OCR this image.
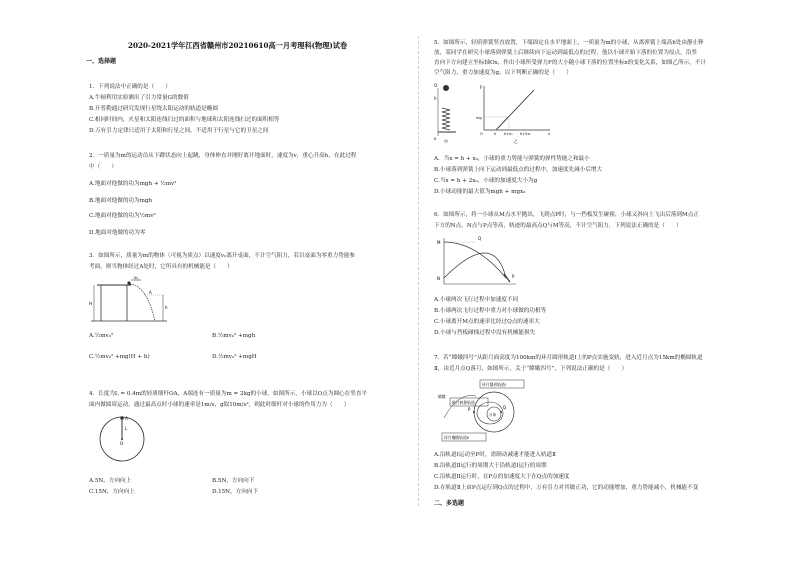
2020-2021学年江西省赣州市20210610高一月考理科(物理)试卷
一、选择题
1．下列说法中正确的是（　　）
A.牛顿利用实验测出了引力常量G的数值
B.开普勒通过研究发现行星绕太阳运动的轨道是椭圆
C.相同时间内，火星和太阳连线扫过的面积与地球和太阳连线扫过的面积相等
D.万有引力定律只适用于太阳和行星之间，不适用于行星与它的卫星之间
2．一质量为m的运动员从下蹲状态向上起跳，身体伸直并刚好离开地面时，速度为v，重心升高h，在此过程
中（　　）
A.地面对他做的功为mgh + ½mv²
B.地面对他做的功为mgh
C.地面对他做的功为½mv²
D.地面对他做的功为零
3．如图所示，质量为m的物体（可视为质点）以速度v₀离开桌面，不计空气阻力，若以桌面为零重力势能参
考面，则当物体经过A处时，它所具有的机械能是（　　）
v₀
A
H
h
A.½mv₀²	B.½mv₀² +mgh
C.½mv₀² +mg(H + h)	D.½mv₀² +mgH
4．长度为L = 0.4m的轻质细杆OA，A端连有一质量为m = 2kg的小球，如图所示，小球以O点为圆心在竖直平
面内做圆周运动，通过最高点时小球的速率是1m/s，g取10m/s²，则此时细杆对小球的作用力为（　　）
A
L
O
A.5N，方向向上	B.5N，方向向下
C.15N，方向向上	D.15N，方向向下
5．如图所示，轻质弹簧竖直放置，下端固定在水平地面上，一质量为m的小球，从离弹簧上端高h处由静止释
放，某同学在研究小球落到弹簧上后继续向下运动到最低点的过程，他以小球开始下落的位置为原点，沿竖
直向下方向建立坐标轴Ox，作出小球所受弹力F的大小随小球下落的位置坐标x的变化关系，如图乙所示，不计
空气阻力，重力加速度为g，以下判断正确的是（　　）
O
h
x
甲
F
mg
O	h h+x₀ h+2x₀	x
乙
A．当x = h + x₀，小球的重力势能与弹簧的弹性势能之和最小
B.小球落到弹簧上向下运动到最低点的过程中，加速度先减小后增大
C.当x = h + 2x₀，小球的加速度大小为g
D.小球动能的最大值为mgh + mgx₀
6．如图所示，将一小球从M点水平抛出，飞到点P时，与一挡板发生碰撞，小球又斜向上飞出后落到M点正
下方的N点，N点与P点等高，轨迹的最高点Q与M等高，不计空气阻力，下列说法正确的是（　　）
M
Q
N	P
A.小球两次飞行过程中加速度不同
B.小球两次飞行过程中重力对小球做的功相等
C.小球离开M点的速率比经过Q点的速率大
D.小球与挡板碰撞过程中没有机械能损失
7．若“嫦娥四号”从距月面高度为100km的环月圆形轨道Ⅰ上的P点实施变轨，进入近月点为15km的椭圆轨道
Ⅱ，由近月点Q落月，如图所示，关于“嫦娥四号”，下列说法正确的是（　　）
环月圆形轨道Ⅰ
地月转移轨道
嫦娥
P	Q
月球
环月椭圆轨道Ⅱ
A.沿轨道Ⅰ运动至P时，需制动减速才能进入轨道Ⅱ
B.沿轨道Ⅱ运行的周期大于沿轨道Ⅰ运行的周期
C.沿轨道Ⅱ运行时，在P点的加速度大于在Q点的加速度
D.在轨道Ⅱ上由P点运行到Q点的过程中，万有引力对其做正功，它的动能增加，重力势能减小，机械能不变
二、多选题
